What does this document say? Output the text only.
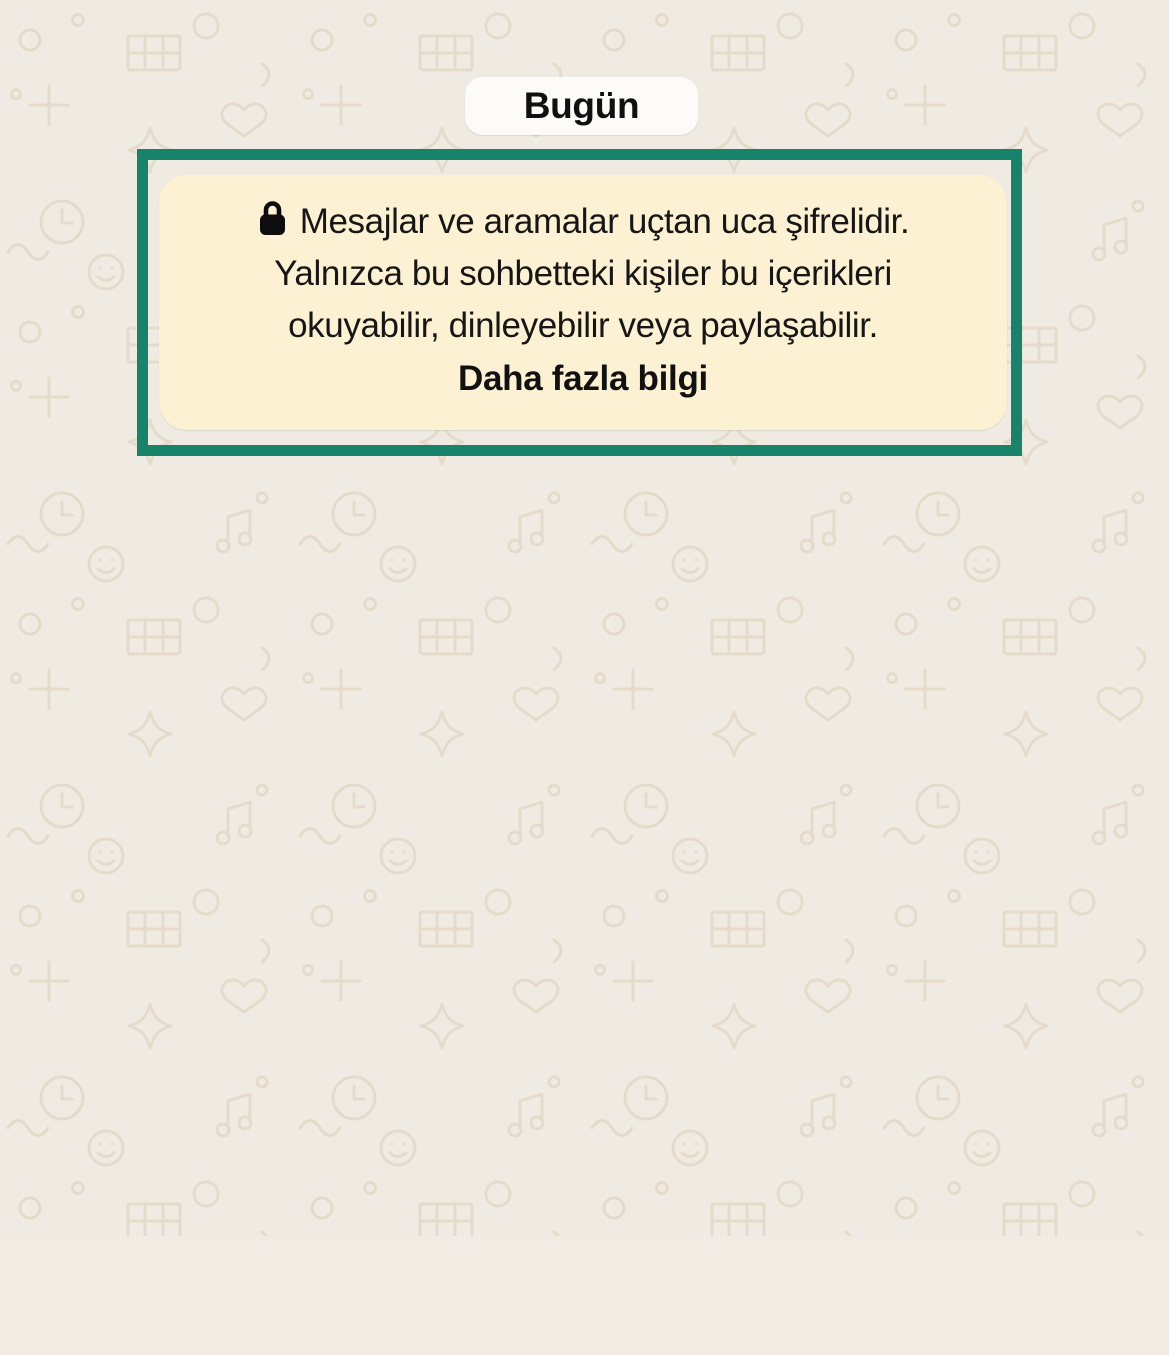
Bugün
Mesajlar ve aramalar uçtan uca şifrelidir.
Yalnızca bu sohbetteki kişiler bu içerikleri
okuyabilir, dinleyebilir veya paylaşabilir.
Daha fazla bilgi
